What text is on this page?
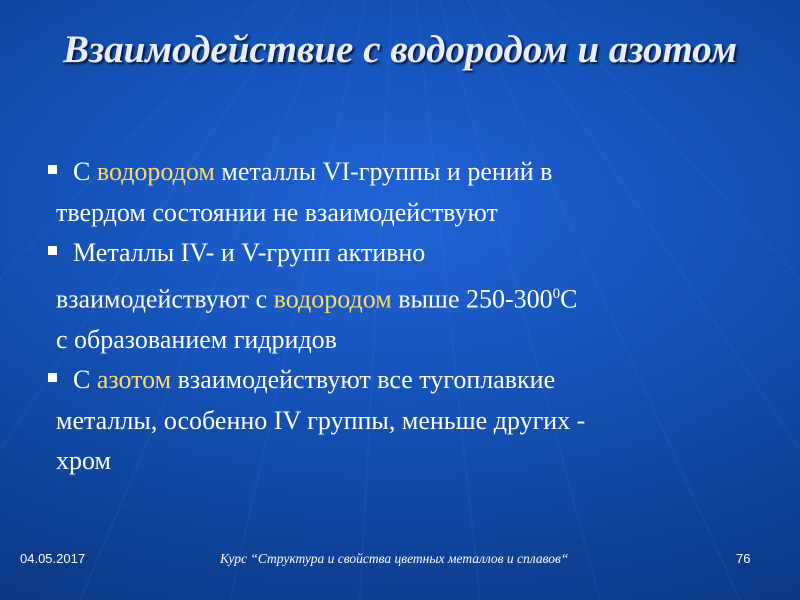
Взаимодействие с водородом и азотом
С водородом металлы VI-группы и рений в
твердом состоянии не взаимодействуют
Металлы IV- и V-групп активно
взаимодействуют с водородом выше $250-300^0С$
с образованием гидридов
С азотом взаимодействуют все тугоплавкие
металлы, особенно IV группы, меньше других -
хром
04.05.2017	Курс “Структура и свойства цветных металлов и сплавов“	76
